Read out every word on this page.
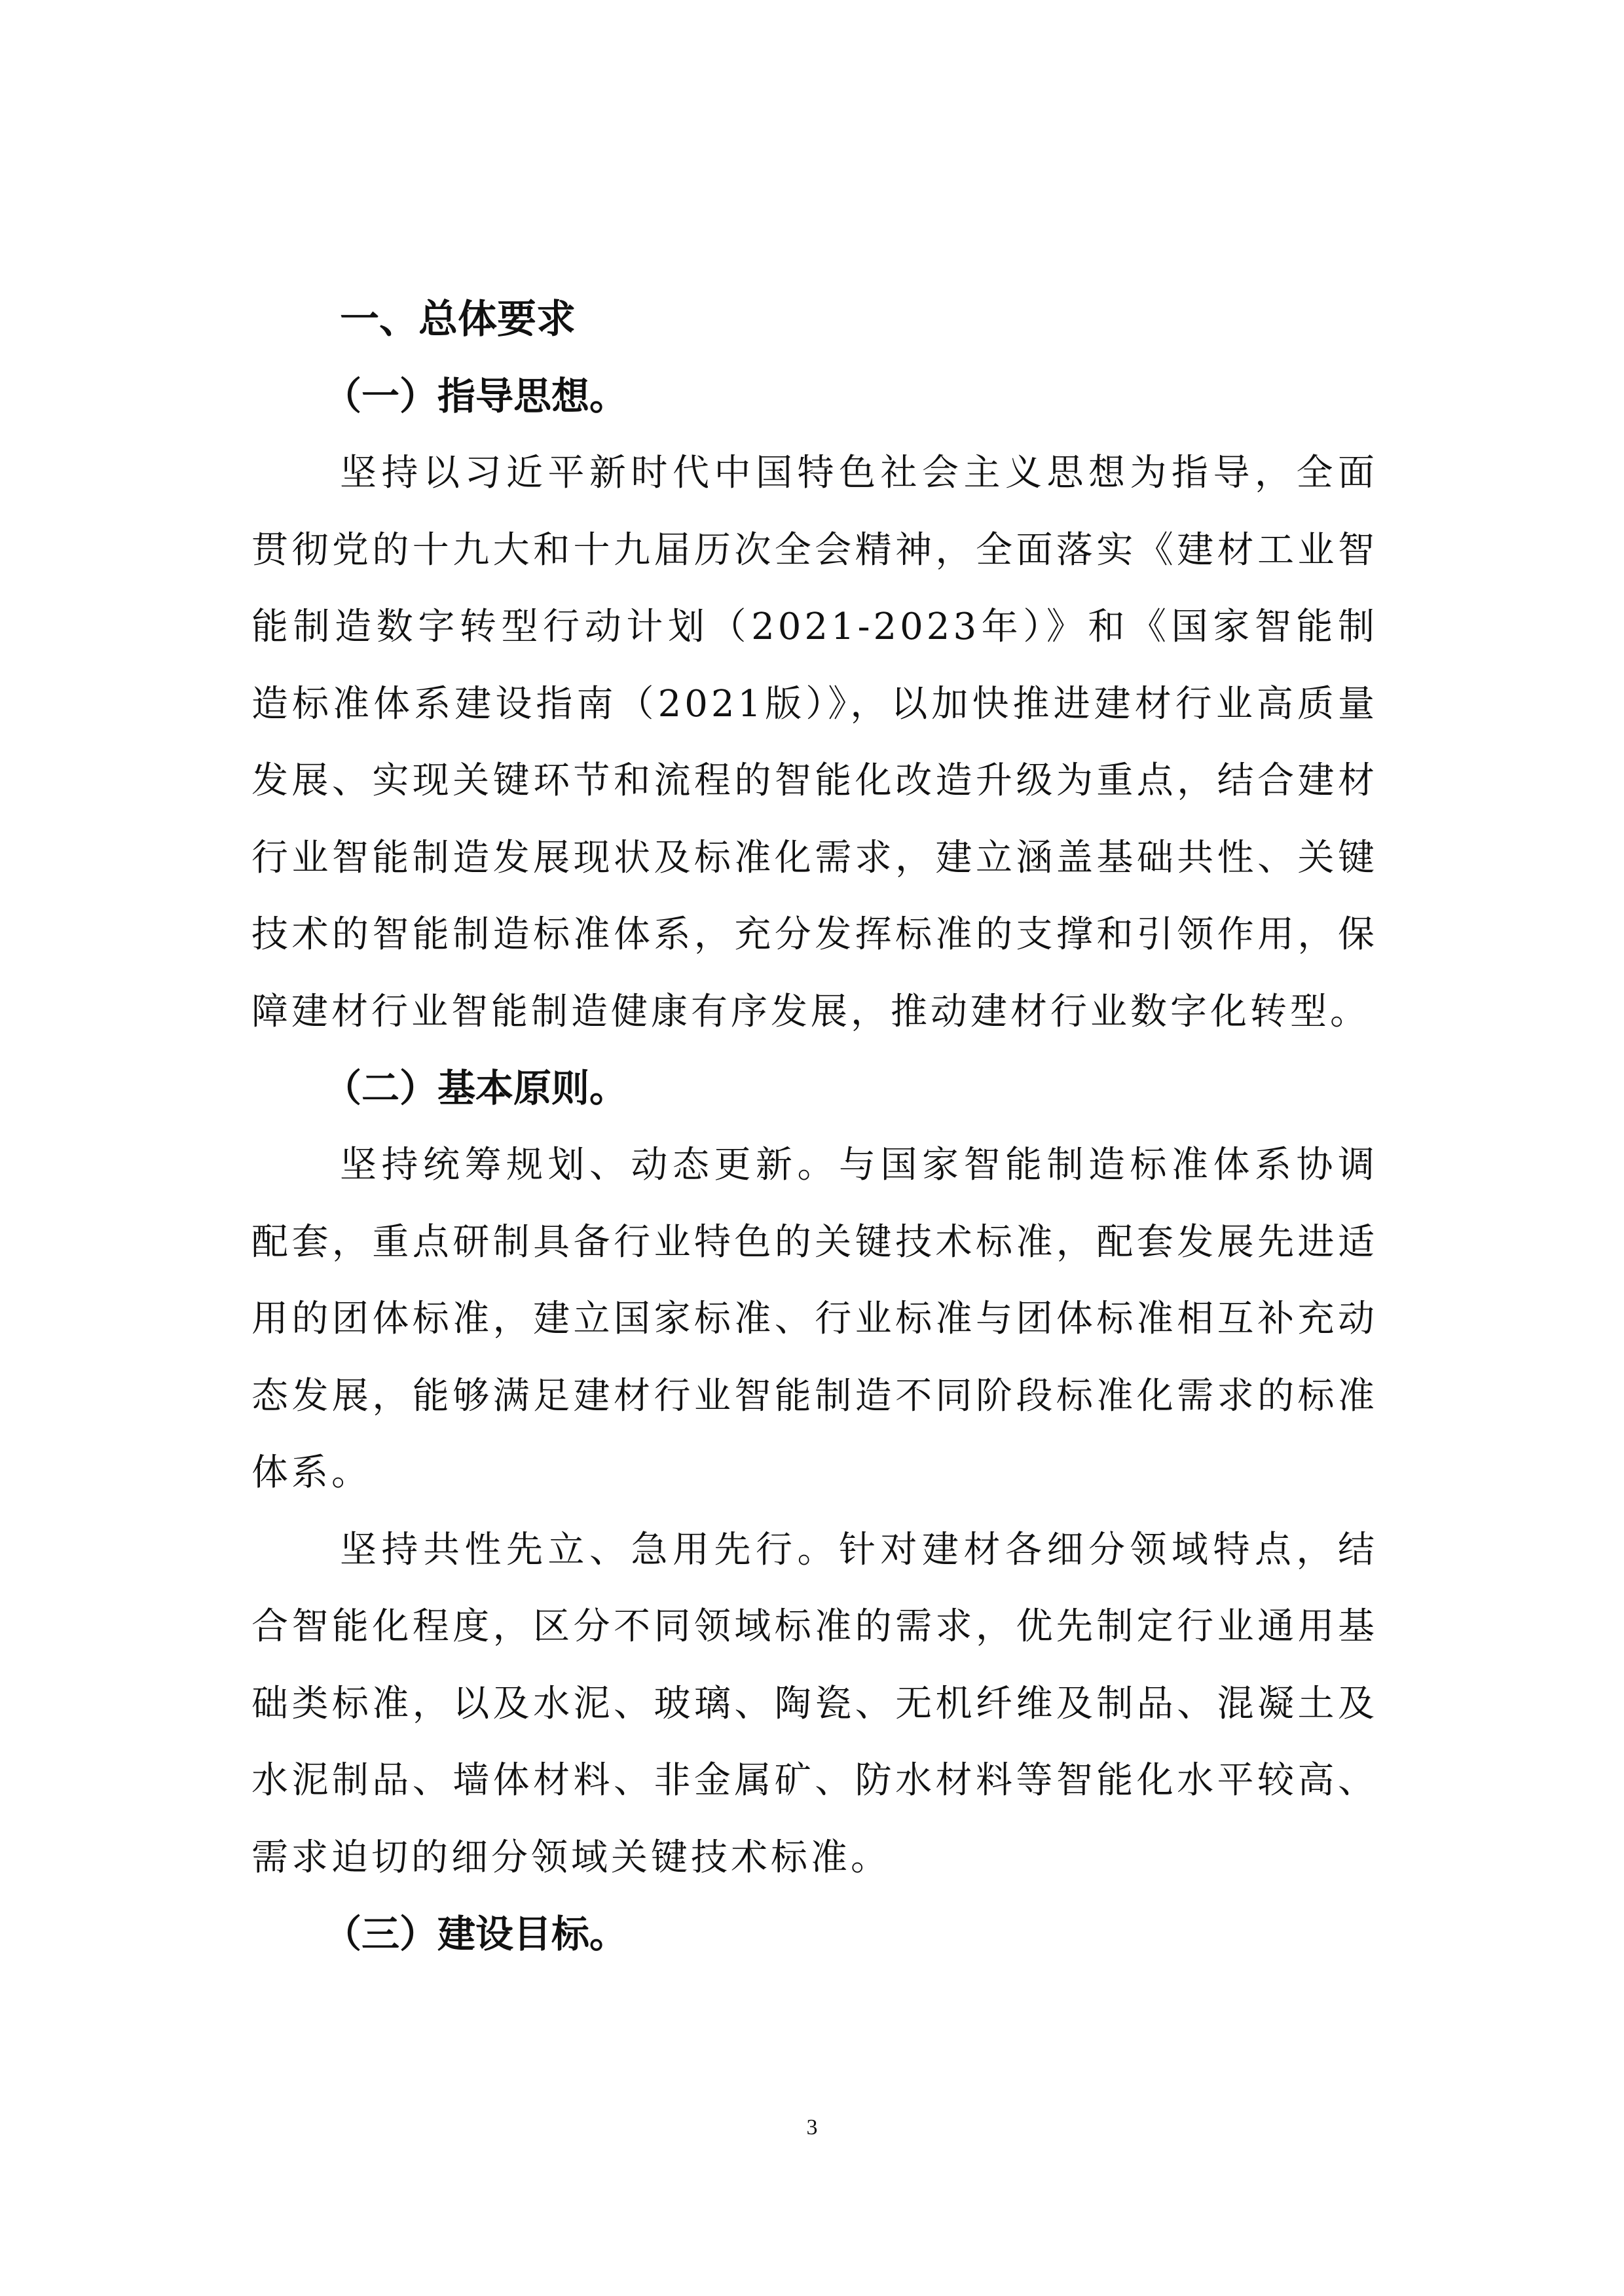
一、总体要求
（一）指导思想。

坚持以习近平新时代中国特色社会主义思想为指导，全面贯彻党的十九大和十九届历次全会精神，全面落实《建材工业智能制造数字转型行动计划（2021-2023年）》和《国家智能制造标准体系建设指南（2021版）》，以加快推进建材行业高质量发展、实现关键环节和流程的智能化改造升级为重点，结合建材行业智能制造发展现状及标准化需求，建立涵盖基础共性、关键技术的智能制造标准体系，充分发挥标准的支撑和引领作用，保障建材行业智能制造健康有序发展，推动建材行业数字化转型。

（二）基本原则。

坚持统筹规划、动态更新。与国家智能制造标准体系协调配套，重点研制具备行业特色的关键技术标准，配套发展先进适用的团体标准，建立国家标准、行业标准与团体标准相互补充动态发展，能够满足建材行业智能制造不同阶段标准化需求的标准体系。

坚持共性先立、急用先行。针对建材各细分领域特点，结合智能化程度，区分不同领域标准的需求，优先制定行业通用基础类标准，以及水泥、玻璃、陶瓷、无机纤维及制品、混凝土及水泥制品、墙体材料、非金属矿、防水材料等智能化水平较高、需求迫切的细分领域关键技术标准。

（三）建设目标。
3
